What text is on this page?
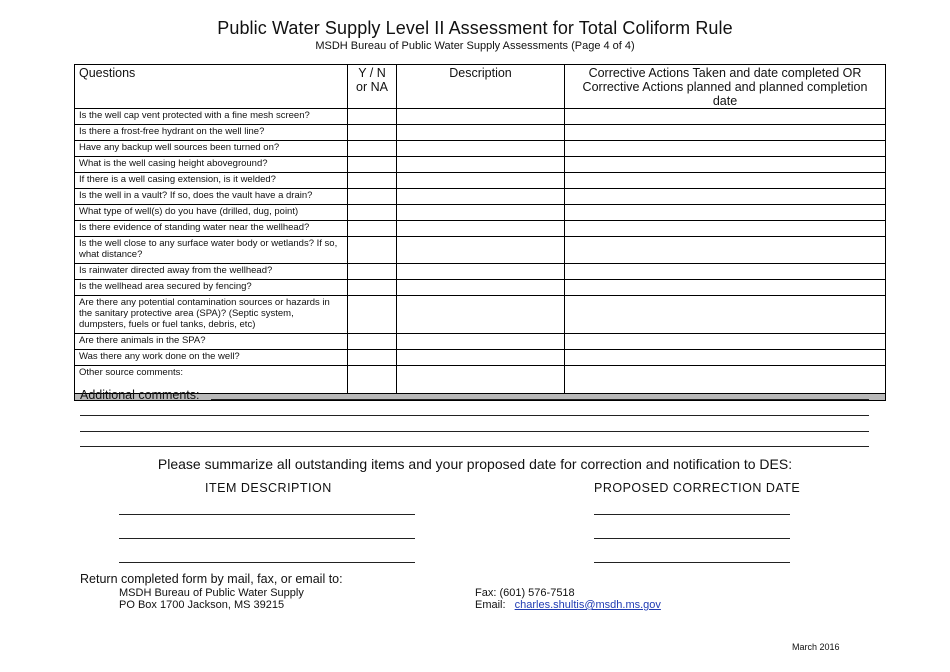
Public Water Supply Level II Assessment for Total Coliform Rule
MSDH Bureau of Public Water Supply Assessments (Page 4 of 4)
Questions	Y / N or NA	Description	Corrective Actions Taken and date completed OR Corrective Actions planned and planned completion date
Is the well cap vent protected with a fine mesh screen?			
Is there a frost-free hydrant on the well line?			
Have any backup well sources been turned on?			
What is the well casing height aboveground?			
If there is a well casing extension, is it welded?			
Is the well in a vault? If so, does the vault have a drain?			
What type of well(s) do you have (drilled, dug, point)			
Is there evidence of standing water near the wellhead?			
Is the well close to any surface water body or wetlands? If so, what distance?			
Is rainwater directed away from the wellhead?			
Is the wellhead area secured by fencing?			
Are there any potential contamination sources or hazards in the sanitary protective area (SPA)? (Septic system, dumpsters, fuels or fuel tanks, debris, etc)			
Are there animals in the SPA?			
Was there any work done on the well?			
Other source comments:			

Additional comments:
Please summarize all outstanding items and your proposed date for correction and notification to DES:
ITEM DESCRIPTION	PROPOSED CORRECTION DATE
Return completed form by mail, fax, or email to:
MSDH Bureau of Public Water Supply
PO Box 1700 Jackson, MS 39215
Fax: (601) 576-7518
Email: charles.shultis@msdh.ms.gov
March 2016
